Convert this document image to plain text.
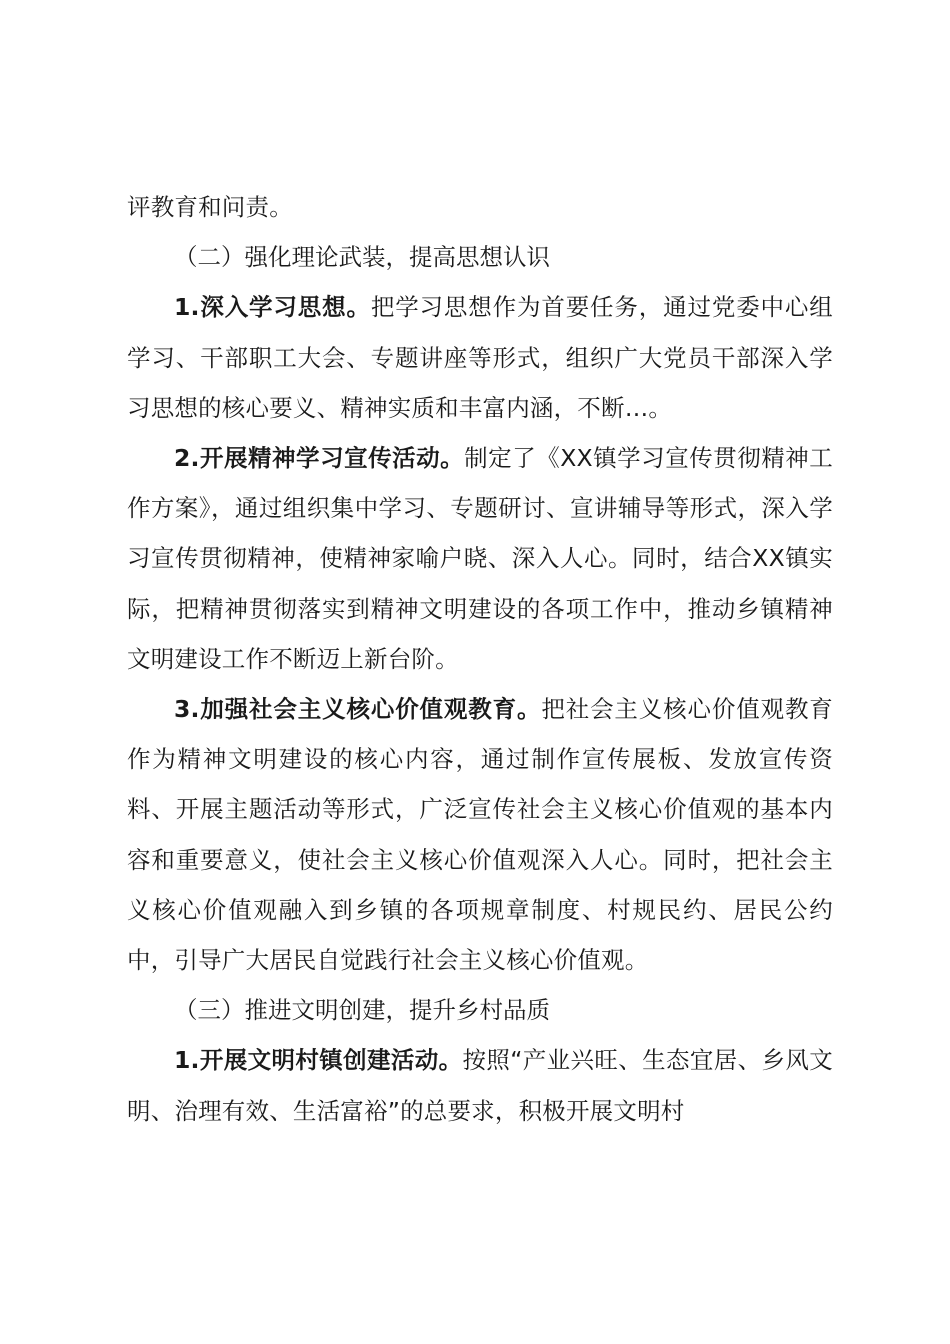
评教育和问责。

（二）强化理论武装，提高思想认识

1.深入学习思想。把学习思想作为首要任务，通过党委中心组学习、干部职工大会、专题讲座等形式，组织广大党员干部深入学习思想的核心要义、精神实质和丰富内涵，不断…。

2.开展精神学习宣传活动。制定了《XX镇学习宣传贯彻精神工作方案》，通过组织集中学习、专题研讨、宣讲辅导等形式，深入学习宣传贯彻精神，使精神家喻户晓、深入人心。同时，结合XX镇实际，把精神贯彻落实到精神文明建设的各项工作中，推动乡镇精神文明建设工作不断迈上新台阶。

3.加强社会主义核心价值观教育。把社会主义核心价值观教育作为精神文明建设的核心内容，通过制作宣传展板、发放宣传资料、开展主题活动等形式，广泛宣传社会主义核心价值观的基本内容和重要意义，使社会主义核心价值观深入人心。同时，把社会主义核心价值观融入到乡镇的各项规章制度、村规民约、居民公约中，引导广大居民自觉践行社会主义核心价值观。

（三）推进文明创建，提升乡村品质

1.开展文明村镇创建活动。按照“产业兴旺、生态宜居、乡风文明、治理有效、生活富裕”的总要求，积极开展文明村
